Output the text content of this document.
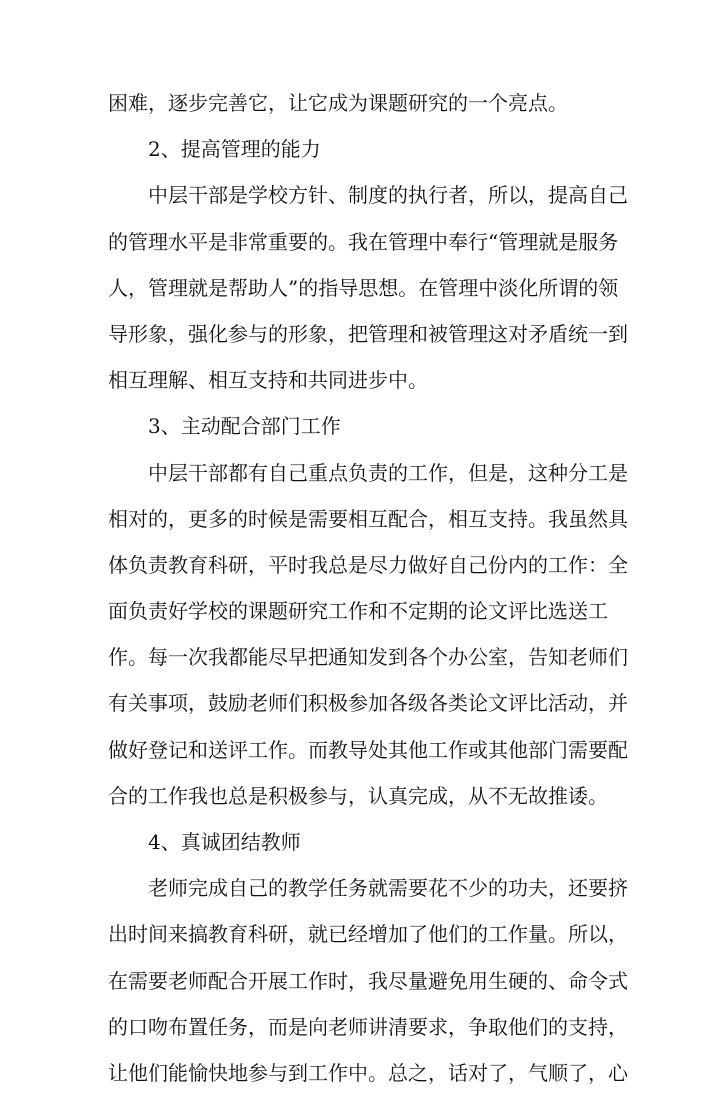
困难，逐步完善它，让它成为课题研究的一个亮点。
2、提高管理的能力
中层干部是学校方针、制度的执行者，所以，提高自己
的管理水平是非常重要的。我在管理中奉行“管理就是服务
人，管理就是帮助人”的指导思想。在管理中淡化所谓的领
导形象，强化参与的形象，把管理和被管理这对矛盾统一到
相互理解、相互支持和共同进步中。
3、主动配合部门工作
中层干部都有自己重点负责的工作，但是，这种分工是
相对的，更多的时候是需要相互配合，相互支持。我虽然具
体负责教育科研，平时我总是尽力做好自己份内的工作：全
面负责好学校的课题研究工作和不定期的论文评比选送工
作。每一次我都能尽早把通知发到各个办公室，告知老师们
有关事项，鼓励老师们积极参加各级各类论文评比活动，并
做好登记和送评工作。而教导处其他工作或其他部门需要配
合的工作我也总是积极参与，认真完成，从不无故推诿。
4、真诚团结教师
老师完成自己的教学任务就需要花不少的功夫，还要挤
出时间来搞教育科研，就已经增加了他们的工作量。所以，
在需要老师配合开展工作时，我尽量避免用生硬的、命令式
的口吻布置任务，而是向老师讲清要求，争取他们的支持，
让他们能愉快地参与到工作中。总之，话对了，气顺了，心
